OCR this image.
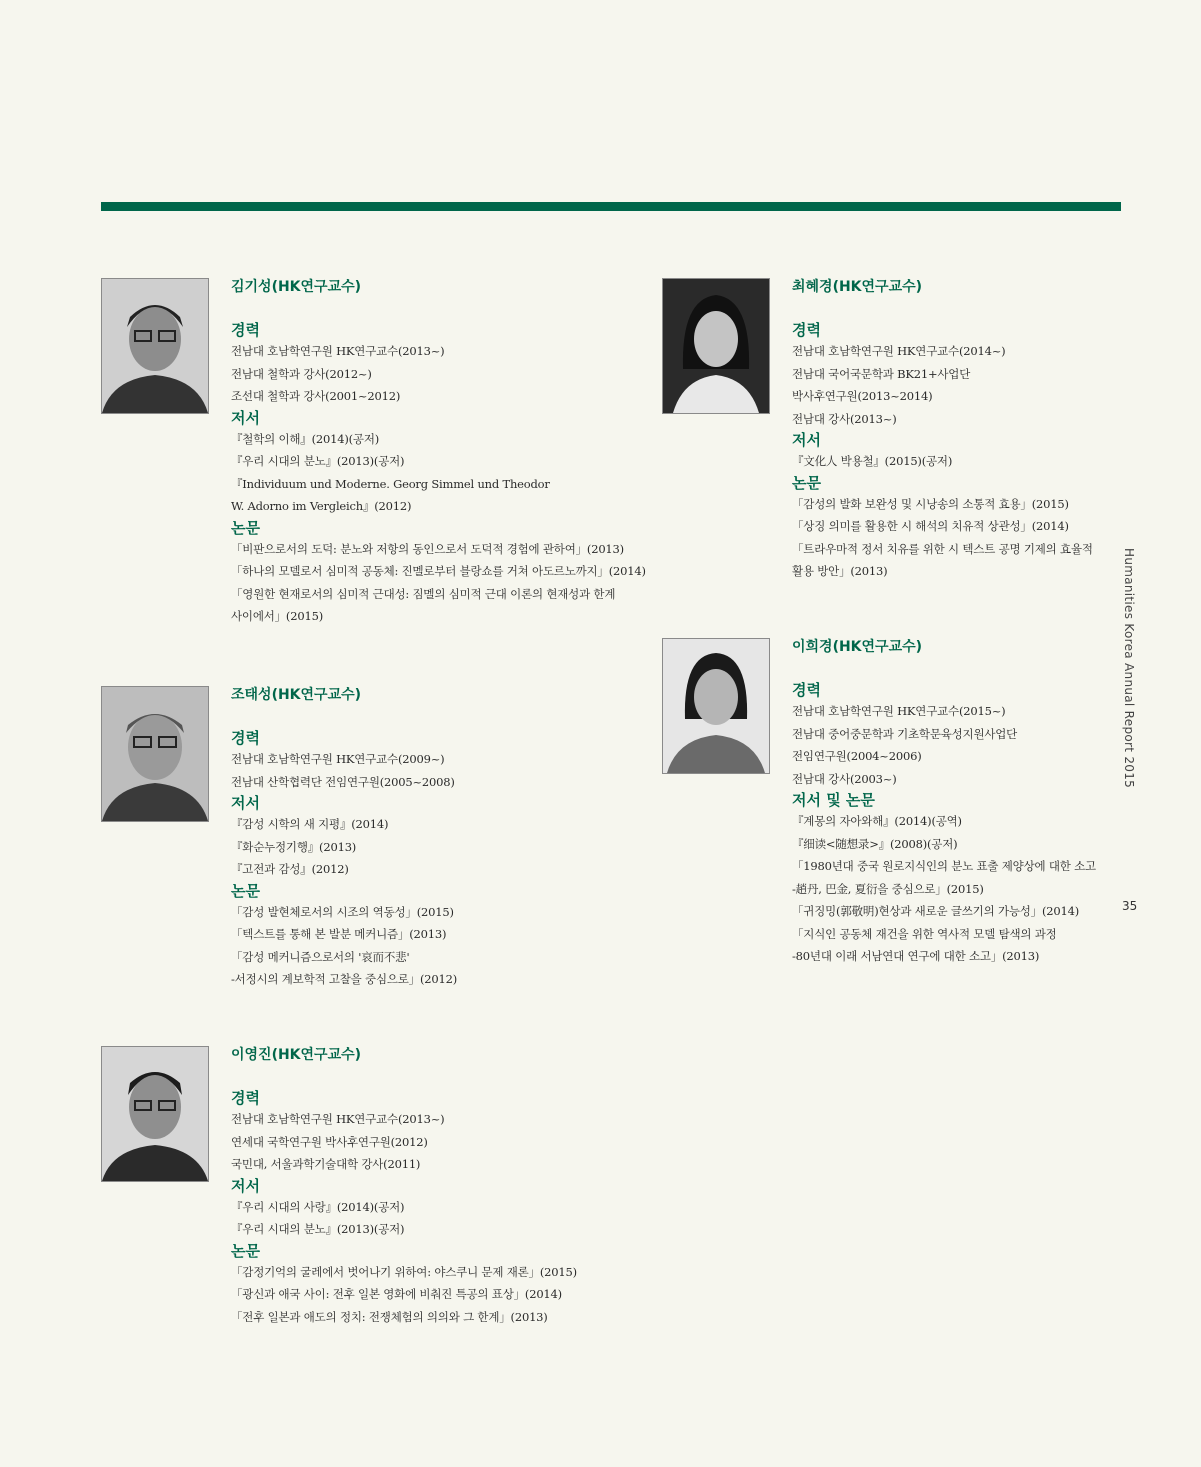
김기성(HK연구교수)

경력

전남대 호남학연구원 HK연구교수(2013~)

전남대 철학과 강사(2012~)

조선대 철학과 강사(2001~2012)

저서

『철학의 이해』(2014)(공저)

『우리 시대의 분노』(2013)(공저)

『Individuum und Moderne. Georg Simmel und Theodor

W. Adorno im Vergleich』(2012)

논문

「비판으로서의 도덕: 분노와 저항의 동인으로서 도덕적 경험에 관하여」(2013)

「하나의 모델로서 심미적 공동체: 진멜로부터 블랑쇼를 거쳐 아도르노까지」(2014)

「영원한 현재로서의 심미적 근대성: 짐멜의 심미적 근대 이론의 현재성과 한계

사이에서」(2015)

조태성(HK연구교수)

경력

전남대 호남학연구원 HK연구교수(2009~)

전남대 산학협력단 전임연구원(2005~2008)

저서

『감성 시학의 새 지평』(2014)

『화순누정기행』(2013)

『고전과 감성』(2012)

논문

「감성 발현체로서의 시조의 역동성」(2015)

「텍스트를 통해 본 발분 메커니즘」(2013)

「감성 메커니즘으로서의 '哀而不悲'

-서정시의 계보학적 고찰을 중심으로」(2012)

이영진(HK연구교수)

경력

전남대 호남학연구원 HK연구교수(2013~)

연세대 국학연구원 박사후연구원(2012)

국민대, 서울과학기술대학 강사(2011)

저서

『우리 시대의 사랑』(2014)(공저)

『우리 시대의 분노』(2013)(공저)

논문

「감정기억의 굴레에서 벗어나기 위하여: 야스쿠니 문제 재론」(2015)

「광신과 애국 사이: 전후 일본 영화에 비춰진 특공의 표상」(2014)

「전후 일본과 애도의 정치: 전쟁체험의 의의와 그 한계」(2013)

최혜경(HK연구교수)

경력

전남대 호남학연구원 HK연구교수(2014~)

전남대 국어국문학과 BK21+사업단

박사후연구원(2013~2014)

전남대 강사(2013~)

저서

『文化人 박용철』(2015)(공저)

논문

「감성의 발화 보완성 및 시낭송의 소통적 효용」(2015)

「상징 의미를 활용한 시 해석의 치유적 상관성」(2014)

「트라우마적 정서 치유를 위한 시 텍스트 공명 기제의 효율적

활용 방안」(2013)

이희경(HK연구교수)

경력

전남대 호남학연구원 HK연구교수(2015~)

전남대 중어중문학과 기초학문육성지원사업단

전임연구원(2004~2006)

전남대 강사(2003~)

저서 및 논문

『계몽의 자아와해』(2014)(공역)

『细读<随想录>』(2008)(공저)

「1980년대 중국 원로지식인의 분노 표출 제양상에 대한 소고

-趙丹, 巴金, 夏衍을 중심으로」(2015)

「귀징밍(郭敬明)현상과 새로운 글쓰기의 가능성」(2014)

「지식인 공동체 재건을 위한 역사적 모델 탐색의 과정

-80년대 이래 서남연대 연구에 대한 소고」(2013)

Humanities Korea Annual Report 2015
35
